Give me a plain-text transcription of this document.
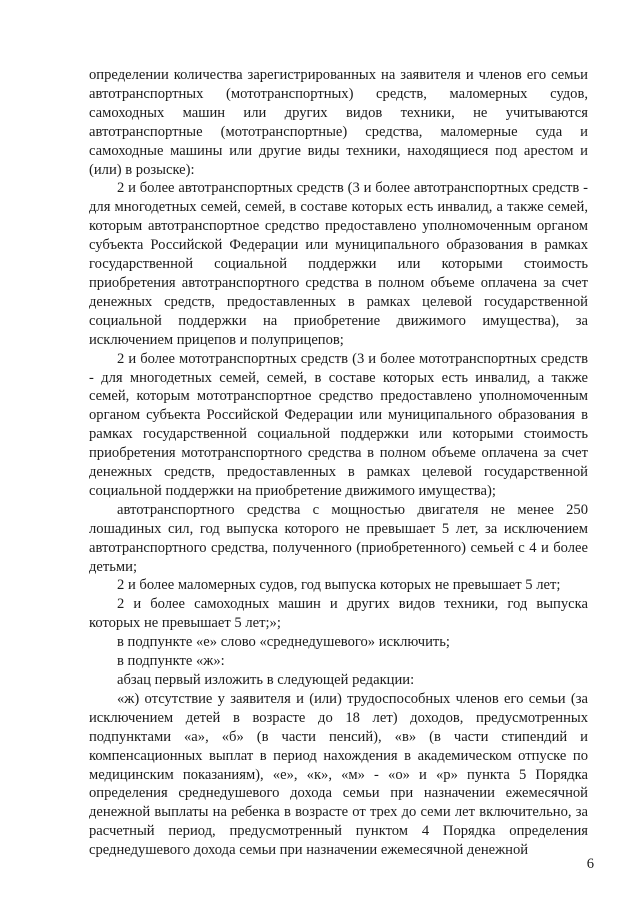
определении количества зарегистрированных на заявителя и членов его семьи автотранспортных (мототранспортных) средств, маломерных судов, самоходных машин или других видов техники, не учитываются автотранспортные (мототранспортные) средства, маломерные суда и самоходные машины или другие виды техники, находящиеся под арестом и (или) в розыске):

2 и более автотранспортных средств (3 и более автотранспортных средств - для многодетных семей, семей, в составе которых есть инвалид, а также семей, которым автотранспортное средство предоставлено уполномоченным органом субъекта Российской Федерации или муниципального образования в рамках государственной социальной поддержки или которыми стоимость приобретения автотранспортного средства в полном объеме оплачена за счет денежных средств, предоставленных в рамках целевой государственной социальной поддержки на приобретение движимого имущества), за исключением прицепов и полуприцепов;

2 и более мототранспортных средств (3 и более мототранспортных средств - для многодетных семей, семей, в составе которых есть инвалид, а также семей, которым мототранспортное средство предоставлено уполномоченным органом субъекта Российской Федерации или муниципального образования в рамках государственной социальной поддержки или которыми стоимость приобретения мототранспортного средства в полном объеме оплачена за счет денежных средств, предоставленных в рамках целевой государственной социальной поддержки на приобретение движимого имущества);

автотранспортного средства с мощностью двигателя не менее 250 лошадиных сил, год выпуска которого не превышает 5 лет, за исключением автотранспортного средства, полученного (приобретенного) семьей с 4 и более детьми;

2 и более маломерных судов, год выпуска которых не превышает 5 лет;

2 и более самоходных машин и других видов техники, год выпуска которых не превышает 5 лет;»;

в подпункте «е» слово «среднедушевого» исключить;

в подпункте «ж»:

абзац первый изложить в следующей редакции:

«ж) отсутствие у заявителя и (или) трудоспособных членов его семьи (за исключением детей в возрасте до 18 лет) доходов, предусмотренных подпунктами «а», «б» (в части пенсий), «в» (в части стипендий и компенсационных выплат в период нахождения в академическом отпуске по медицинским показаниям), «е», «к», «м» - «о» и «р» пункта 5 Порядка определения среднедушевого дохода семьи при назначении ежемесячной денежной выплаты на ребенка в возрасте от трех до семи лет включительно, за расчетный период, предусмотренный пунктом 4 Порядка определения среднедушевого дохода семьи при назначении ежемесячной денежной

6
